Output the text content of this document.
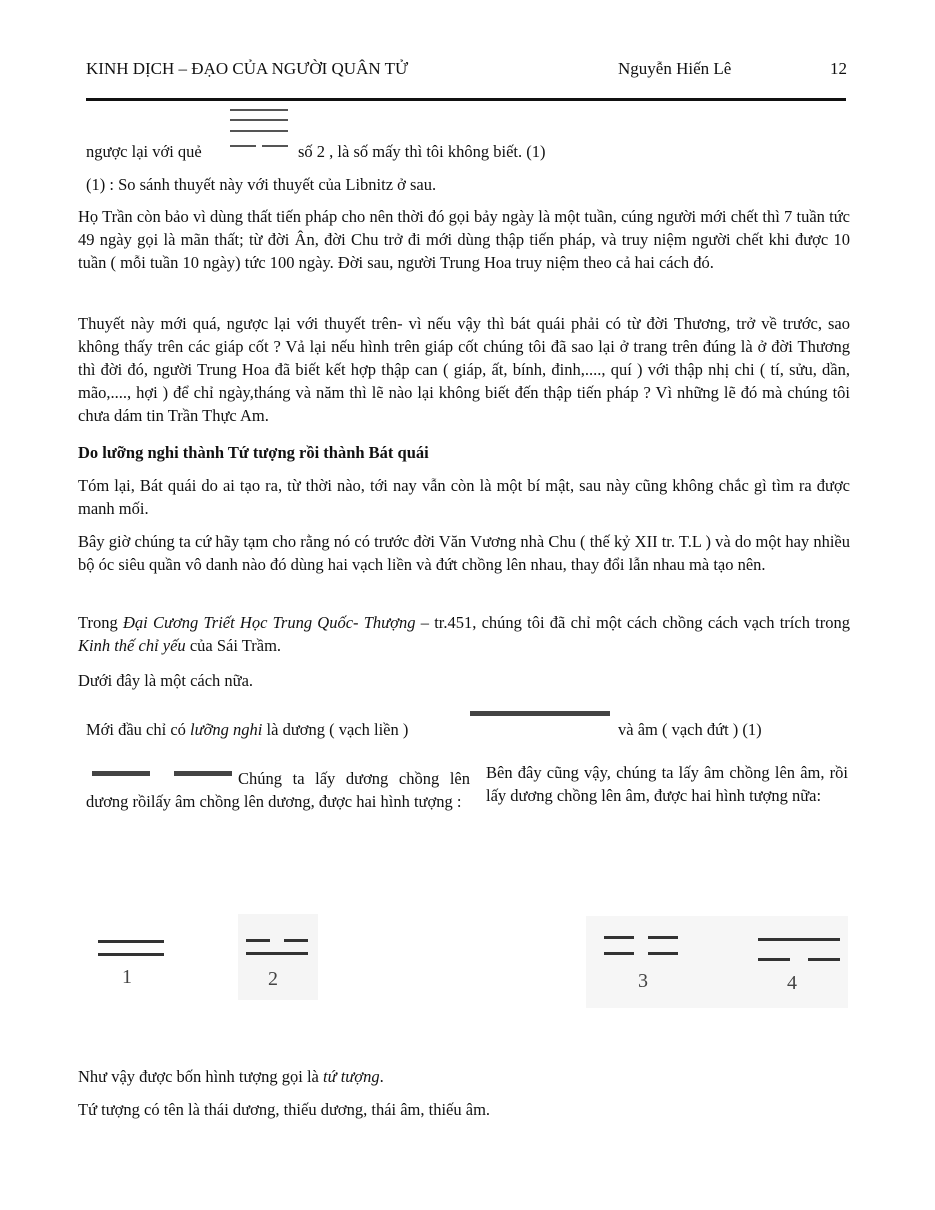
KINH DỊCH – ĐẠO CỦA NGƯỜI QUÂN TỬ	Nguyễn Hiến Lê	12
ngược lại với quẻ	số 2 , là số mấy thì tôi không biết. (1)
(1) : So sánh thuyết này với thuyết của Libnitz ở sau.

Họ Trần còn bảo vì dùng thất tiến pháp cho nên thời đó gọi bảy ngày là một tuần, cúng người mới chết thì 7 tuần tức 49 ngày gọi là mãn thất; từ đời Ân, đời Chu trở đi mới dùng thập tiến pháp, và truy niệm người chết khi được 10 tuần ( mỗi tuần 10 ngày) tức 100 ngày. Đời sau, người Trung Hoa truy niệm theo cả hai cách đó.

Thuyết này mới quá, ngược lại với thuyết trên- vì nếu vậy thì bát quái phải có từ đời Thương, trở về trước, sao không thấy trên các giáp cốt ? Vả lại nếu hình trên giáp cốt chúng tôi đã sao lại ở trang trên đúng là ở đời Thương thì đời đó, người Trung Hoa đã biết kết hợp thập can ( giáp, ất, bính, đinh,...., quí ) với thập nhị chi ( tí, sửu, dần, mão,...., hợi ) để chỉ ngày,tháng và năm thì lẽ nào lại không biết đến thập tiến pháp ? Vì những lẽ đó mà chúng tôi chưa dám tin Trần Thực Am.

Do lưỡng nghi thành Tứ tượng rồi thành Bát quái

Tóm lại, Bát quái do ai tạo ra, từ thời nào, tới nay vẫn còn là một bí mật, sau này cũng không chắc gì tìm ra được manh mối.

Bây giờ chúng ta cứ hãy tạm cho rằng nó có trước đời Văn Vương nhà Chu ( thế kỷ XII tr. T.L ) và do một hay nhiều bộ óc siêu quần vô danh nào đó dùng hai vạch liền và đứt chồng lên nhau, thay đổi lẫn nhau mà tạo nên.

Trong Đại Cương Triết Học Trung Quốc- Thượng – tr.451, chúng tôi đã chỉ một cách chồng cách vạch trích trong Kinh thế chỉ yếu của Sái Trầm.

Dưới đây là một cách nữa.
Mới đầu chỉ có lưỡng nghi là dương ( vạch liền )	và âm ( vạch đứt ) (1)

Chúng ta lấy dương chồng lên dương rồilấy âm chồng lên dương, được hai hình tượng :

Bên đây cũng vậy, chúng ta lấy âm chồng lên âm, rồi lấy dương chồng lên âm, được hai hình tượng nữa:

1	2	3	4
Như vậy được bốn hình tượng gọi là tứ tượng.
Tứ tượng có tên là thái dương, thiếu dương, thái âm, thiếu âm.
